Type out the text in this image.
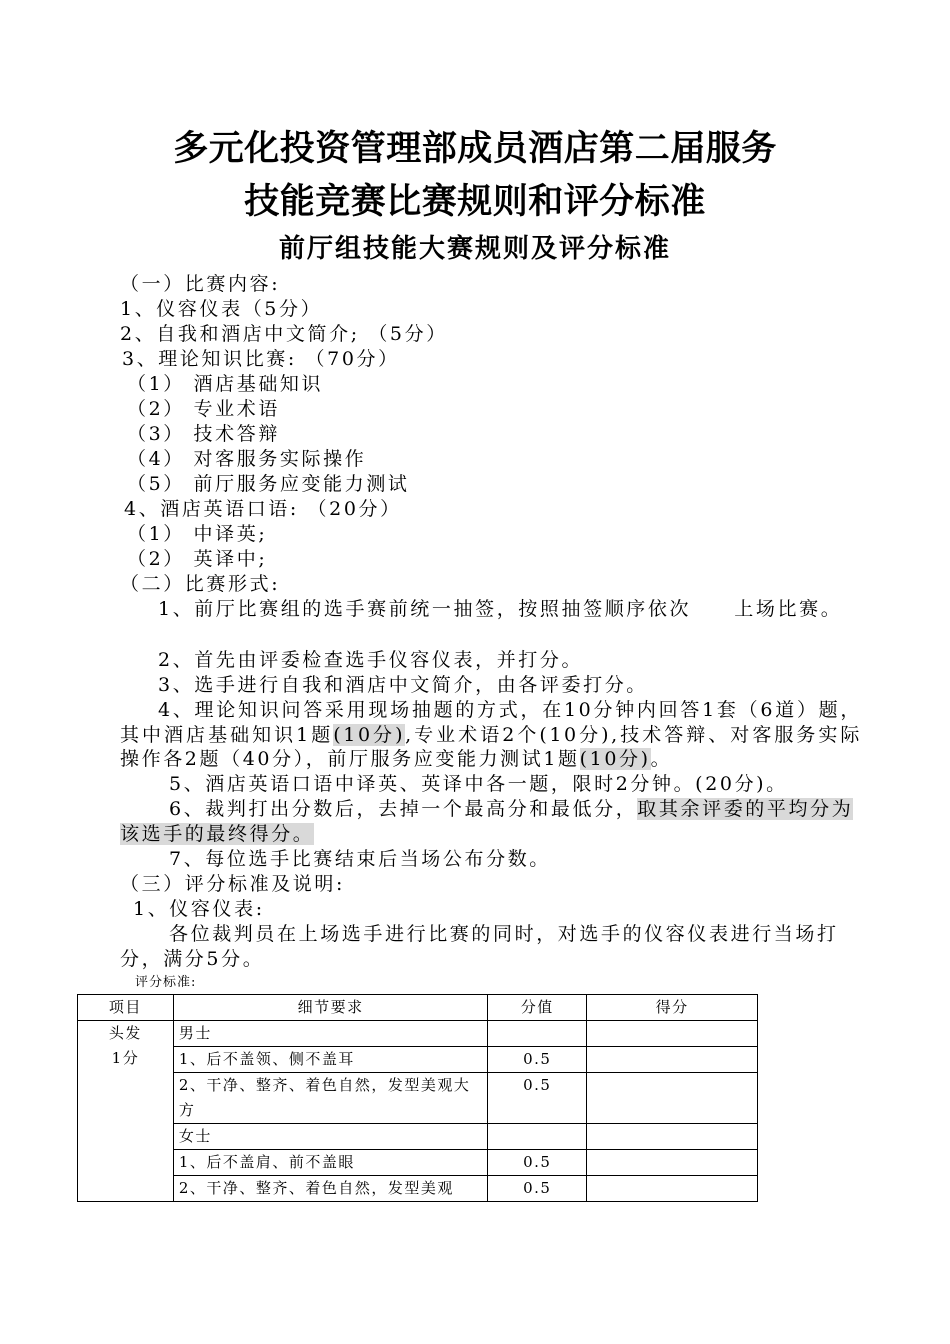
多元化投资管理部成员酒店第二届服务
技能竞赛比赛规则和评分标准
前厅组技能大赛规则及评分标准
（一）比赛内容:
1、仪容仪表（5分）
2、自我和酒店中文简介; （5分）
3、理论知识比赛: （70分）
（1） 酒店基础知识
（2） 专业术语
（3） 技术答辩
（4） 对客服务实际操作
（5） 前厅服务应变能力测试
4、酒店英语口语: （20分）
（1） 中译英;
（2） 英译中;
（二）比赛形式:
1、前厅比赛组的选手赛前统一抽签，按照抽签顺序依次　　上场比赛。
2、首先由评委检查选手仪容仪表，并打分。
3、选手进行自我和酒店中文简介，由各评委打分。
4、理论知识问答采用现场抽题的方式，在10分钟内回答1套（6道）题，其中酒店基础知识1题(10分),专业术语2个(10分),技术答辩、对客服务实际操作各2题（40分），前厅服务应变能力测试1题(10分)。
5、酒店英语口语中译英、英译中各一题，限时2分钟。(20分)。
6、裁判打出分数后，去掉一个最高分和最低分，取其余评委的平均分为该选手的最终得分。
7、每位选手比赛结束后当场公布分数。
（三）评分标准及说明:
1、仪容仪表:
各位裁判员在上场选手进行比赛的同时，对选手的仪容仪表进行当场打分，满分5分。
评分标准:
项目	细节要求	分值	得分

头发
1分	男士		
	1、后不盖领、侧不盖耳	0.5	
	2、干净、整齐、着色自然，发型美观大方	0.5	
	女士		
	1、后不盖肩、前不盖眼	0.5	
	2、干净、整齐、着色自然，发型美观	0.5	
